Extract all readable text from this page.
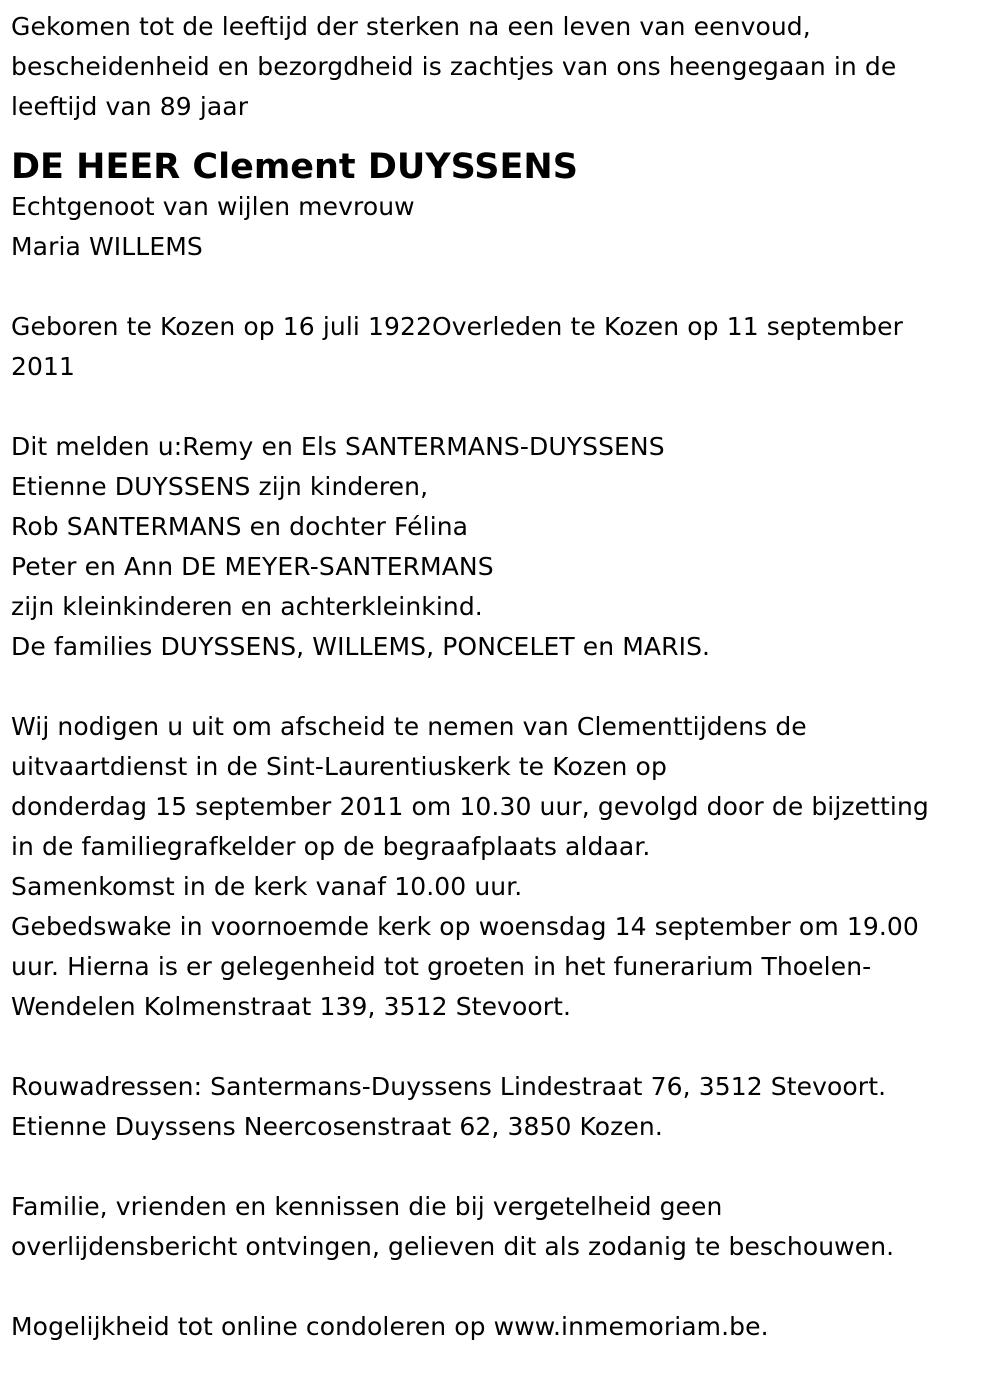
Gekomen tot de leeftijd der sterken na een leven van eenvoud,
bescheidenheid en bezorgdheid is zachtjes van ons heengegaan in de
leeftijd van 89 jaar
DE HEER Clement DUYSSENS
Echtgenoot van wijlen mevrouw
Maria WILLEMS
Geboren te Kozen op 16 juli 1922Overleden te Kozen op 11 september
2011
Dit melden u:Remy en Els SANTERMANS-DUYSSENS
Etienne DUYSSENS zijn kinderen,
Rob SANTERMANS en dochter Félina
Peter en Ann DE MEYER-SANTERMANS
zijn kleinkinderen en achterkleinkind.
De families DUYSSENS, WILLEMS, PONCELET en MARIS.
Wij nodigen u uit om afscheid te nemen van Clementtijdens de
uitvaartdienst in de Sint-Laurentiuskerk te Kozen op
donderdag 15 september 2011 om 10.30 uur, gevolgd door de bijzetting
in de familiegrafkelder op de begraafplaats aldaar.
Samenkomst in de kerk vanaf 10.00 uur.
Gebedswake in voornoemde kerk op woensdag 14 september om 19.00
uur. Hierna is er gelegenheid tot groeten in het funerarium Thoelen-
Wendelen Kolmenstraat 139, 3512 Stevoort.
Rouwadressen: Santermans-Duyssens Lindestraat 76, 3512 Stevoort.
Etienne Duyssens Neercosenstraat 62, 3850 Kozen.
Familie, vrienden en kennissen die bij vergetelheid geen
overlijdensbericht ontvingen, gelieven dit als zodanig te beschouwen.
Mogelijkheid tot online condoleren op www.inmemoriam.be.
